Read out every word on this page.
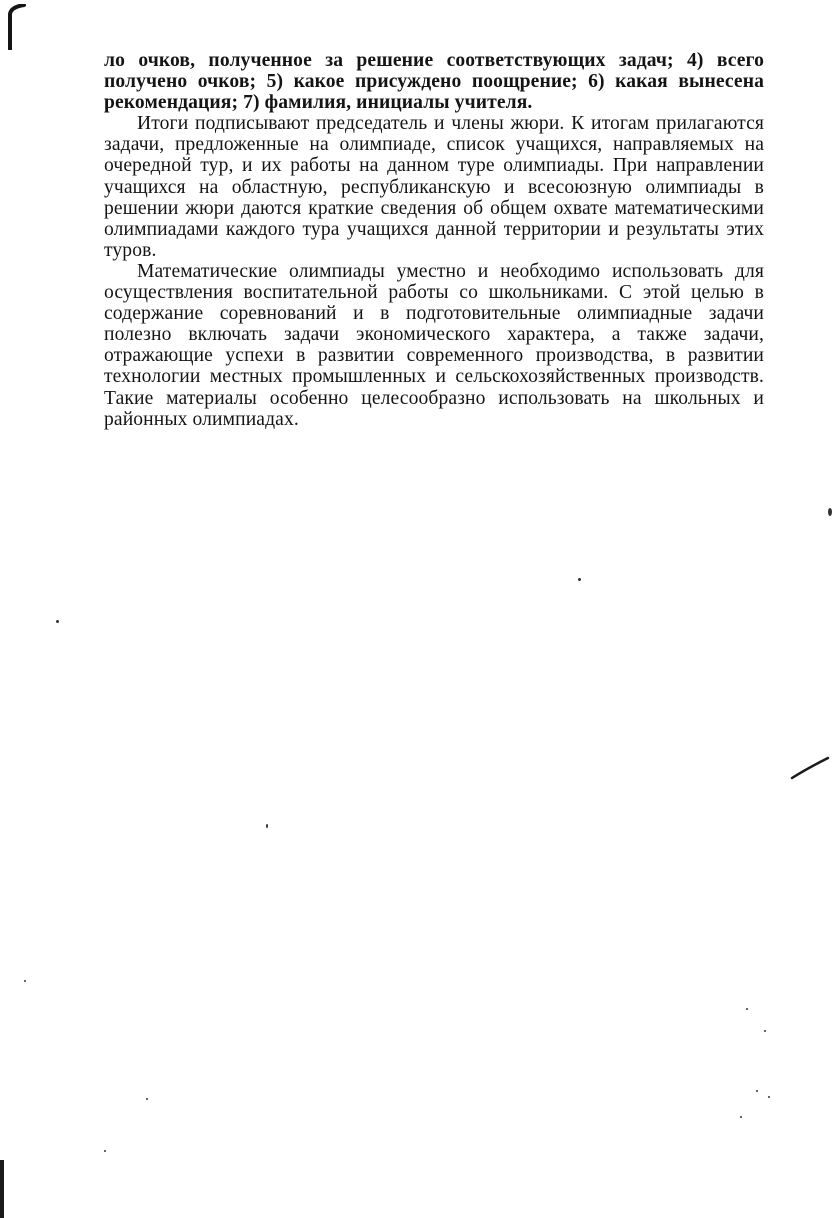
ло очков, полученное за решение соответствующих задач; 4) всего получено очков; 5) какое присуждено поощрение; 6) какая вынесена рекомендация; 7) фамилия, инициалы учителя.

Итоги подписывают председатель и члены жюри. К итогам прилагаются задачи, предложенные на олимпиаде, список учащихся, направляемых на очередной тур, и их работы на данном туре олимпиады. При направлении учащихся на областную, республиканскую и всесоюзную олимпиады в решении жюри даются краткие сведения об общем охвате математическими олимпиадами каждого тура учащихся данной территории и результаты этих туров.

Математические олимпиады уместно и необходимо использовать для осуществления воспитательной работы со школьниками. С этой целью в содержание соревнований и в подготовительные олимпиадные задачи полезно включать задачи экономического характера, а также задачи, отражающие успехи в развитии современного производства, в развитии технологии местных промышленных и сельскохозяйственных производств. Такие материалы особенно целесообразно использовать на школьных и районных олимпиадах.
